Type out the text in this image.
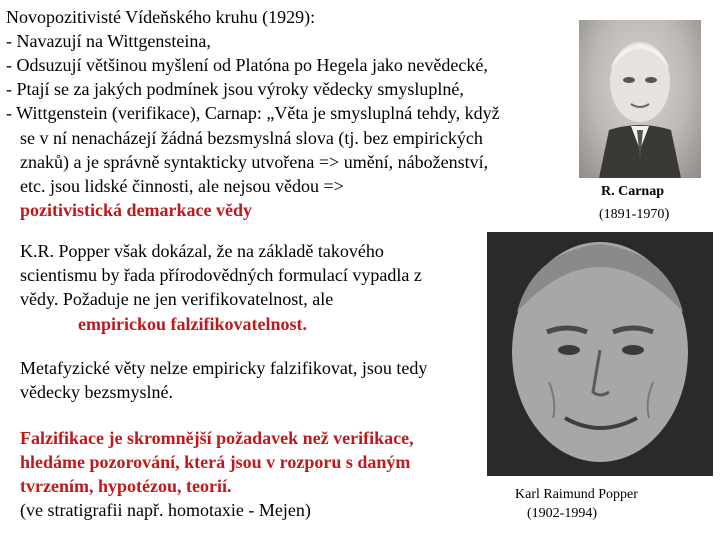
Novopozitivisté Vídeňského kruhu (1929):

- Navazují na Wittgensteina,

- Odsuzují většinou myšlení od Platóna po Hegela jako nevědecké,

- Ptají se za jakých podmínek jsou výroky vědecky smysluplné,

- Wittgenstein (verifikace), Carnap: „Věta je smysluplná tehdy, když

se v ní nenacházejí žádná bezsmyslná slova (tj. bez empirických

znaků) a je správně syntakticky utvořena => umění, náboženství,

etc. jsou lidské činnosti, ale nejsou vědou =>

pozitivistická demarkace vědy

R. Carnap

(1891-1970)

K.R. Popper však dokázal, že na základě takového

scientismu by řada přírodovědných formulací vypadla z

vědy. Požaduje ne jen verifikovatelnost, ale

empirickou falzifikovatelnost.

Metafyzické věty nelze empiricky falzifikovat, jsou tedy

vědecky bezsmyslné.

Falzifikace je skromnější požadavek než verifikace,

hledáme pozorování, která jsou v rozporu s daným

tvrzením, hypotézou, teorií.

(ve stratigrafii např. homotaxie - Mejen)

Karl Raimund Popper

(1902-1994)
